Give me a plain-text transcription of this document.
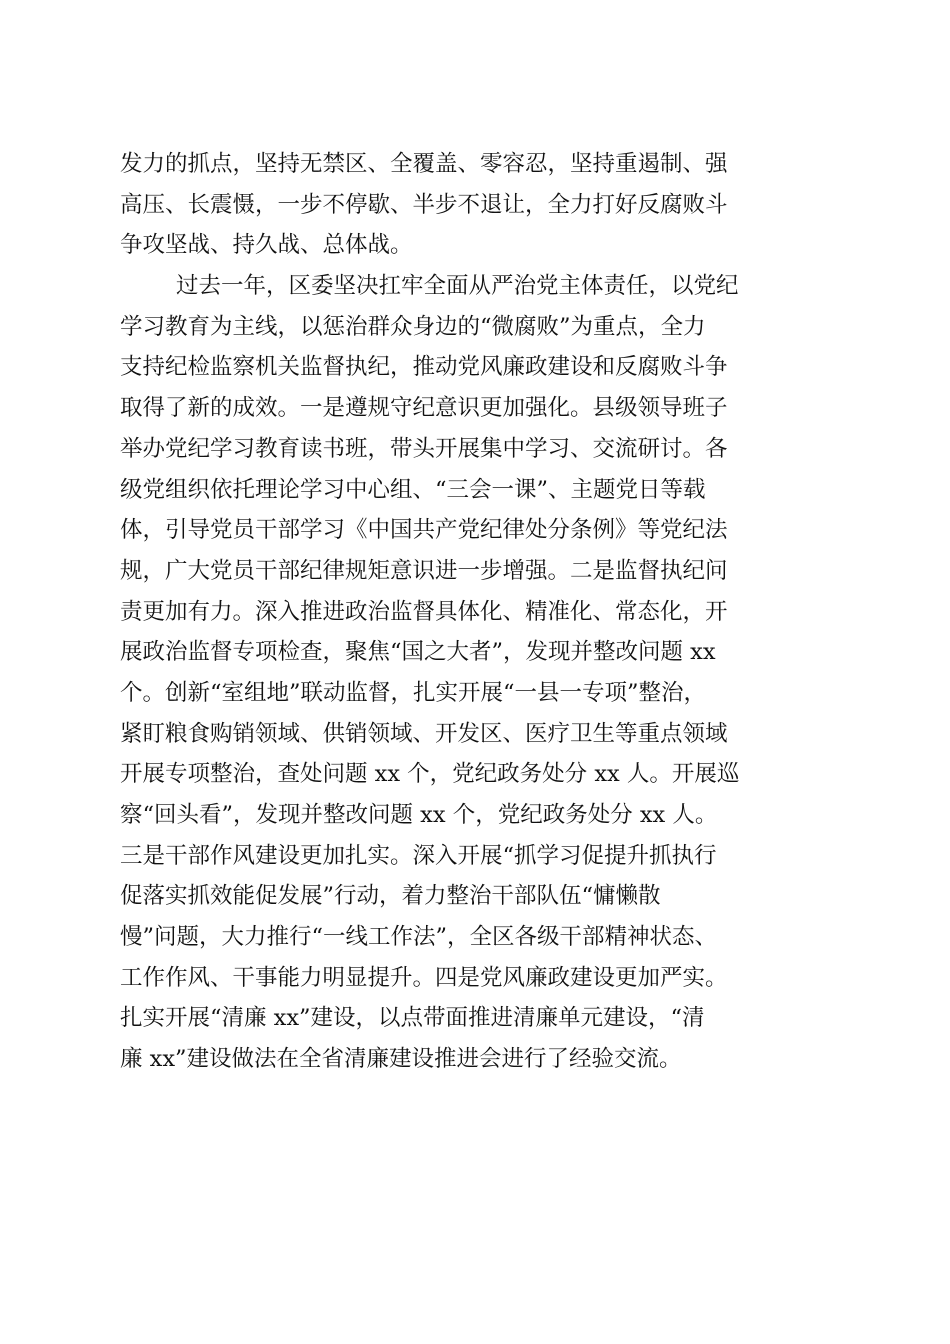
发力的抓点，坚持无禁区、全覆盖、零容忍，坚持重遏制、强
高压、长震慑，一步不停歇、半步不退让，全力打好反腐败斗
争攻坚战、持久战、总体战。
过去一年，区委坚决扛牢全面从严治党主体责任，以党纪
学习教育为主线，以惩治群众身边的“微腐败”为重点，全力
支持纪检监察机关监督执纪，推动党风廉政建设和反腐败斗争
取得了新的成效。一是遵规守纪意识更加强化。县级领导班子
举办党纪学习教育读书班，带头开展集中学习、交流研讨。各
级党组织依托理论学习中心组、“三会一课”、主题党日等载
体，引导党员干部学习《中国共产党纪律处分条例》等党纪法
规，广大党员干部纪律规矩意识进一步增强。二是监督执纪问
责更加有力。深入推进政治监督具体化、精准化、常态化，开
展政治监督专项检查，聚焦“国之大者”，发现并整改问题 xx
个。创新“室组地”联动监督，扎实开展“一县一专项”整治，
紧盯粮食购销领域、供销领域、开发区、医疗卫生等重点领域
开展专项整治，查处问题 xx 个，党纪政务处分 xx 人。开展巡
察“回头看”，发现并整改问题 xx 个，党纪政务处分 xx 人。
三是干部作风建设更加扎实。深入开展“抓学习促提升抓执行
促落实抓效能促发展”行动，着力整治干部队伍“慵懒散
慢”问题，大力推行“一线工作法”，全区各级干部精神状态、
工作作风、干事能力明显提升。四是党风廉政建设更加严实。
扎实开展“清廉 xx”建设，以点带面推进清廉单元建设，“清
廉 xx”建设做法在全省清廉建设推进会进行了经验交流。
